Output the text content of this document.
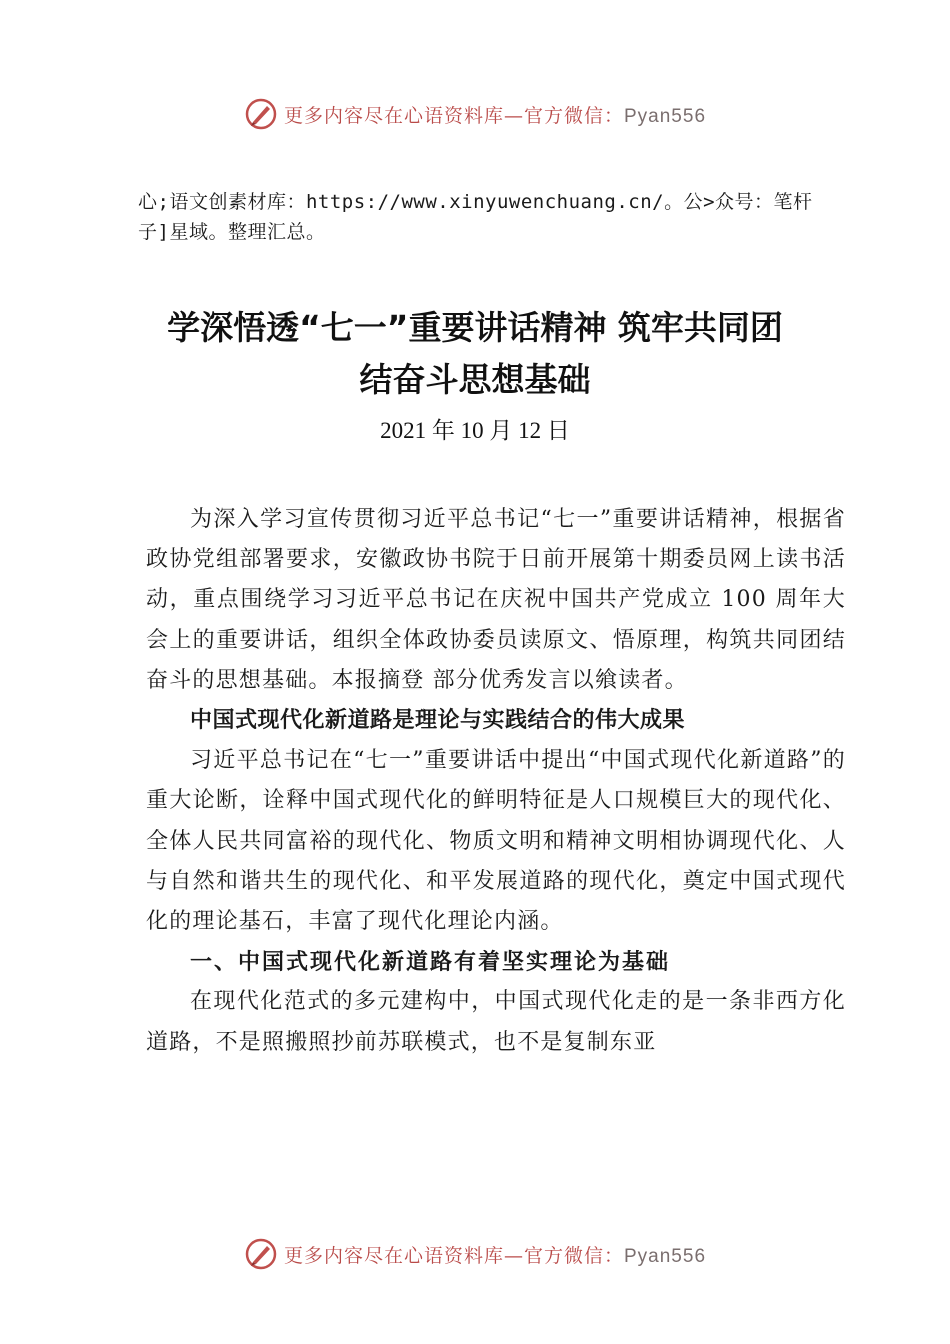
更多内容尽在心语资料库—官方微信：Pyan556
心;语文创素材库：https://www.xinyuwenchuang.cn/。公>众号：笔杆子]星域。整理汇总。
学深悟透“七一”重要讲话精神 筑牢共同团
结奋斗思想基础
2021 年 10 月 12 日

为深入学习宣传贯彻习近平总书记“七一”重要讲话精神，根据省政协党组部署要求，安徽政协书院于日前开展第十期委员网上读书活动，重点围绕学习习近平总书记在庆祝中国共产党成立 100 周年大会上的重要讲话，组织全体政协委员读原文、悟原理，构筑共同团结奋斗的思想基础。本报摘登 部分优秀发言以飨读者。

中国式现代化新道路是理论与实践结合的伟大成果

习近平总书记在“七一”重要讲话中提出“中国式现代化新道路”的重大论断，诠释中国式现代化的鲜明特征是人口规模巨大的现代化、全体人民共同富裕的现代化、物质文明和精神文明相协调现代化、人与自然和谐共生的现代化、和平发展道路的现代化，奠定中国式现代化的理论基石，丰富了现代化理论内涵。

一、中国式现代化新道路有着坚实理论为基础

在现代化范式的多元建构中，中国式现代化走的是一条非西方化道路，不是照搬照抄前苏联模式，也不是复制东亚

更多内容尽在心语资料库—官方微信：Pyan556
